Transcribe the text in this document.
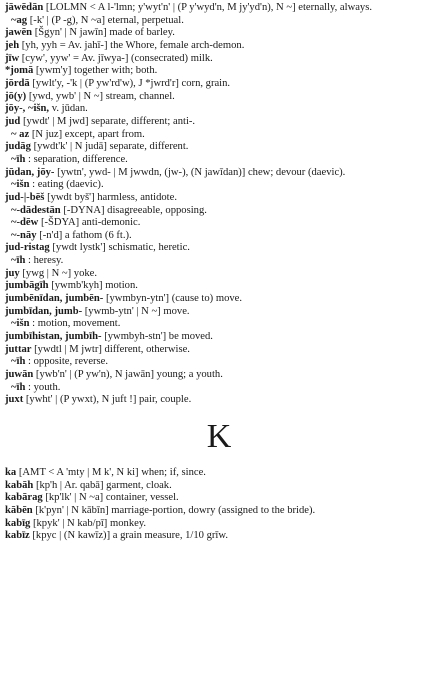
jāwēdān [LOLMN < A l-'lmn; y'wyt'n' | (P y'wyd'n, M jy'yd'n), N ~] eternally, always.
~ag [-k' | (P -g), N ~a] eternal, perpetual.
jawēn [Šgyn' | N jawīn] made of barley.
jeh [yh, yyh = Av. jahī-] the Whore, female arch-demon.
jīw [cyw', yyw' = Av. jīwya-] (consecrated) milk.
*jomā [ywm'y] together with; both.
jōrdā [ywlt'y, -'k | (P yw'rd'w), J *jwrd'r] corn, grain.
jō(y) [ywd, ywb' | N ~] stream, channel.
jōy-, ~išn, v. jūdan.
jud [ywdt' | M jwd] separate, different; anti-.
~ az [N juz] except, apart from.
judāg [ywdt'k' | N judā] separate, different.
~īh : separation, difference.
jūdan, jōy- [ywtn', ywd- | M jwwdn, (jw-), (N jawīdan)] chew; devour (daevic).
~išn : eating (daevic).
jud-|-bēš [ywdt byš'] harmless, antidote.
~-dādestān [-DYNA] disagreeable, opposing.
~-dēw [-ŠDYA] anti-demonic.
~-nāy [-n'd] a fathom (6 ft.).
jud-ristag [ywdt lystk'] schismatic, heretic.
~īh : heresy.
juy [ywg | N ~] yoke.
jumbāgīh [ywmb'kyh] motion.
jumbēnīdan, jumbēn- [ywmbyn-ytn'] (cause to) move.
jumbīdan, jumb- [ywmb-ytn' | N ~] move.
~išn : motion, movement.
jumbīhistan, jumbīh- [ywmbyh-stn'] be moved.
juttar [ywdtl | M jwtr] different, otherwise.
~īh : opposite, reverse.
juwān [ywb'n' | (P yw'n), N jawān] young; a youth.
~īh : youth.
juxt [ywht' | (P ywxt), N juft !] pair, couple.
K
ka [AMT < A 'mty | M k', N ki] when; if, since.
kabāh [kp'h | Ar. qabā] garment, cloak.
kabārag [kp'lk' | N ~a] container, vessel.
kābēn [k'pyn' | N kābīn] marriage-portion, dowry (assigned to the bride).
kabīg [kpyk' | N kab/pī] monkey.
kabīz [kpyc | (N kawīz)] a grain measure, 1/10 grīw.
